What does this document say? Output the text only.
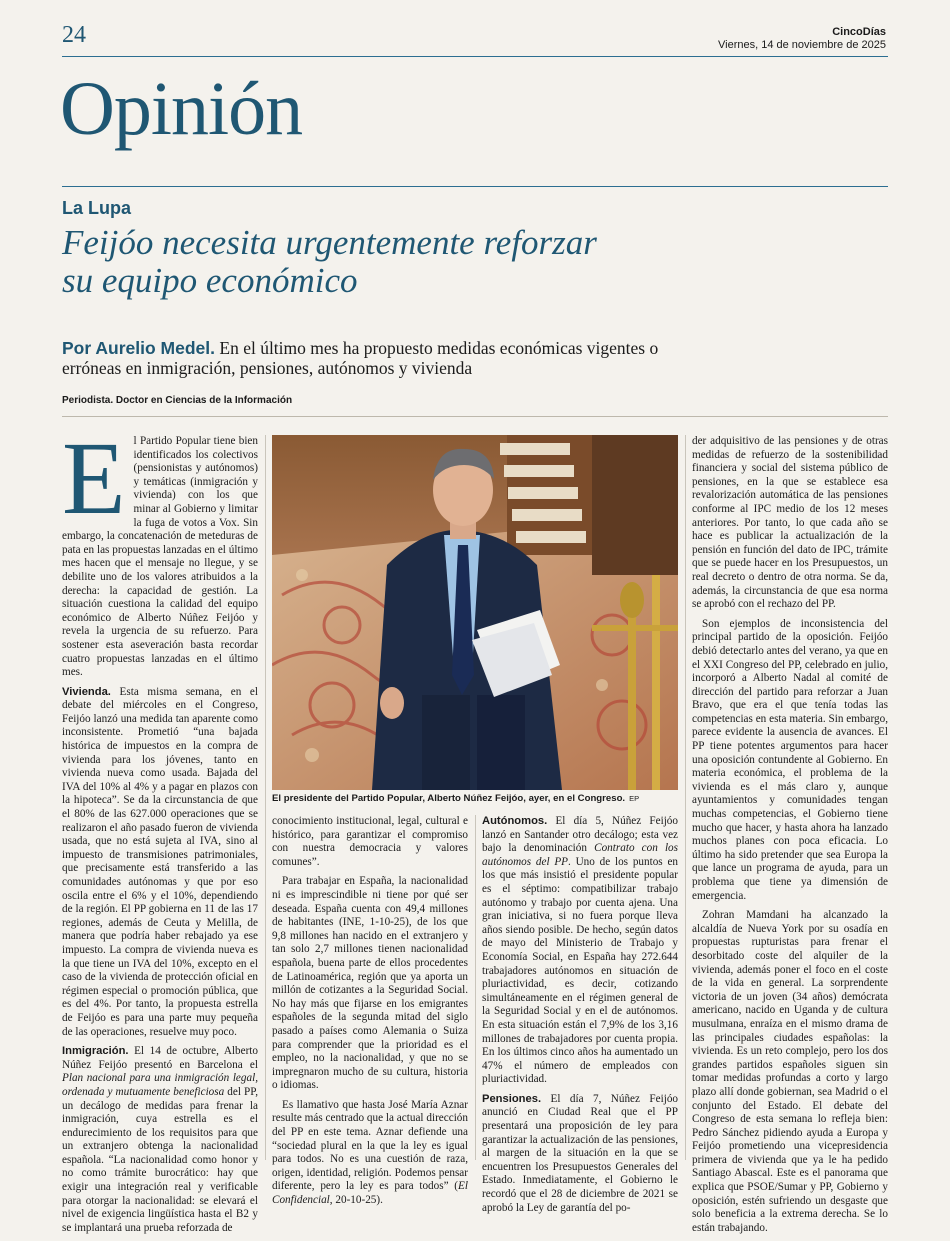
24	CincoDías
Viernes, 14 de noviembre de 2025
Opinión
La Lupa
Feijóo necesita urgentemente reforzar su equipo económico
Por Aurelio Medel. En el último mes ha propuesto medidas económicas vigentes o erróneas en inmigración, pensiones, autónomos y vivienda
Periodista. Doctor en Ciencias de la Información

El Partido Popular tiene bien identificados los colectivos (pensionistas y autónomos) y temáticas (inmigración y vivienda) con los que minar al Gobierno y limitar la fuga de votos a Vox. Sin embargo, la concatenación de meteduras de pata en las propuestas lanzadas en el último mes hacen que el mensaje no llegue, y se debilite uno de los valores atribuidos a la derecha: la capacidad de gestión. La situación cuestiona la calidad del equipo económico de Alberto Núñez Feijóo y revela la urgencia de su refuerzo. Para sostener esta aseveración basta recordar cuatro propuestas lanzadas en el último mes.

Vivienda. Esta misma semana, en el debate del miércoles en el Congreso, Feijóo lanzó una medida tan aparente como inconsistente. Prometió “una bajada histórica de impuestos en la compra de vivienda para los jóvenes, tanto en vivienda nueva como usada. Bajada del IVA del 10% al 4% y a pagar en plazos con la hipoteca”. Se da la circunstancia de que el 80% de las 627.000 operaciones que se realizaron el año pasado fueron de vivienda usada, que no está sujeta al IVA, sino al impuesto de transmisiones patrimoniales, que precisamente está transferido a las comunidades autónomas y que por eso oscila entre el 6% y el 10%, dependiendo de la región. El PP gobierna en 11 de las 17 regiones, además de Ceuta y Melilla, de manera que podría haber rebajado ya ese impuesto. La compra de vivienda nueva es la que tiene un IVA del 10%, excepto en el caso de la vivienda de protección oficial en régimen especial o promoción pública, que es del 4%. Por tanto, la propuesta estrella de Feijóo es para una parte muy pequeña de las operaciones, resuelve muy poco.

Inmigración. El 14 de octubre, Alberto Núñez Feijóo presentó en Barcelona el Plan nacional para una inmigración legal, ordenada y mutuamente beneficiosa del PP, un decálogo de medidas para frenar la inmigración, cuya estrella es el endurecimiento de los requisitos para que un extranjero obtenga la nacionalidad española. “La nacionalidad como honor y no como trámite burocrático: hay que exigir una integración real y verificable para otorgar la nacionalidad: se elevará el nivel de exigencia lingüística hasta el B2 y se implantará una prueba reforzada de

El presidente del Partido Popular, Alberto Núñez Feijóo, ayer, en el Congreso. EP

conocimiento institucional, legal, cultural e histórico, para garantizar el compromiso con nuestra democracia y valores comunes”.

Para trabajar en España, la nacionalidad ni es imprescindible ni tiene por qué ser deseada. España cuenta con 49,4 millones de habitantes (INE, 1-10-25), de los que 9,8 millones han nacido en el extranjero y tan solo 2,7 millones tienen nacionalidad española, buena parte de ellos procedentes de Latinoamérica, región que ya aporta un millón de cotizantes a la Seguridad Social. No hay más que fijarse en los emigrantes españoles de la segunda mitad del siglo pasado a países como Alemania o Suiza para comprender que la prioridad es el empleo, no la nacionalidad, y que no se impregnaron mucho de su cultura, historia o idiomas.

Es llamativo que hasta José María Aznar resulte más centrado que la actual dirección del PP en este tema. Aznar defiende una “sociedad plural en la que la ley es igual para todos. No es una cuestión de raza, origen, identidad, religión. Podemos pensar diferente, pero la ley es para todos” (El Confidencial, 20-10-25).

Autónomos. El día 5, Núñez Feijóo lanzó en Santander otro decálogo; esta vez bajo la denominación Contrato con los autónomos del PP. Uno de los puntos en los que más insistió el presidente popular es el séptimo: compatibilizar trabajo autónomo y trabajo por cuenta ajena. Una gran iniciativa, si no fuera porque lleva años siendo posible. De hecho, según datos de mayo del Ministerio de Trabajo y Economía Social, en España hay 272.644 trabajadores autónomos en situación de pluriactividad, es decir, cotizando simultáneamente en el régimen general de la Seguridad Social y en el de autónomos. En esta situación están el 7,9% de los 3,16 millones de trabajadores por cuenta propia. En los últimos cinco años ha aumentado un 47% el número de empleados con pluriactividad.

Pensiones. El día 7, Núñez Feijóo anunció en Ciudad Real que el PP presentará una proposición de ley para garantizar la actualización de las pensiones, al margen de la situación en la que se encuentren los Presupuestos Generales del Estado. Inmediatamente, el Gobierno le recordó que el 28 de diciembre de 2021 se aprobó la Ley de garantía del po-

der adquisitivo de las pensiones y de otras medidas de refuerzo de la sostenibilidad financiera y social del sistema público de pensiones, en la que se establece esa revalorización automática de las pensiones conforme al IPC medio de los 12 meses anteriores. Por tanto, lo que cada año se hace es publicar la actualización de la pensión en función del dato de IPC, trámite que se puede hacer en los Presupuestos, un real decreto o dentro de otra norma. Se da, además, la circunstancia de que esa norma se aprobó con el rechazo del PP.

Son ejemplos de inconsistencia del principal partido de la oposición. Feijóo debió detectarlo antes del verano, ya que en el XXI Congreso del PP, celebrado en julio, incorporó a Alberto Nadal al comité de dirección del partido para reforzar a Juan Bravo, que era el que tenía todas las competencias en esta materia. Sin embargo, parece evidente la ausencia de avances. El PP tiene potentes argumentos para hacer una oposición contundente al Gobierno. En materia económica, el problema de la vivienda es el más claro y, aunque ayuntamientos y comunidades tengan muchas competencias, el Gobierno tiene mucho que hacer, y hasta ahora ha lanzado muchos planes con poca eficacia. Lo último ha sido pretender que sea Europa la que lance un programa de ayuda, para un problema que tiene ya dimensión de emergencia.

Zohran Mamdani ha alcanzado la alcaldía de Nueva York por su osadía en propuestas rupturistas para frenar el desorbitado coste del alquiler de la vivienda, además poner el foco en el coste de la vida en general. La sorprendente victoria de un joven (34 años) demócrata americano, nacido en Uganda y de cultura musulmana, enraíza en el mismo drama de las principales ciudades españolas: la vivienda. Es un reto complejo, pero los dos grandes partidos españoles siguen sin tomar medidas profundas a corto y largo plazo allí donde gobiernan, sea Madrid o el conjunto del Estado. El debate del Congreso de esta semana lo refleja bien: Pedro Sánchez pidiendo ayuda a Europa y Feijóo prometiendo una vicepresidencia primera de vivienda que ya le ha pedido Santiago Abascal. Este es el panorama que explica que PSOE/Sumar y PP, Gobierno y oposición, estén sufriendo un desgaste que solo beneficia a la extrema derecha. Se lo están trabajando.
